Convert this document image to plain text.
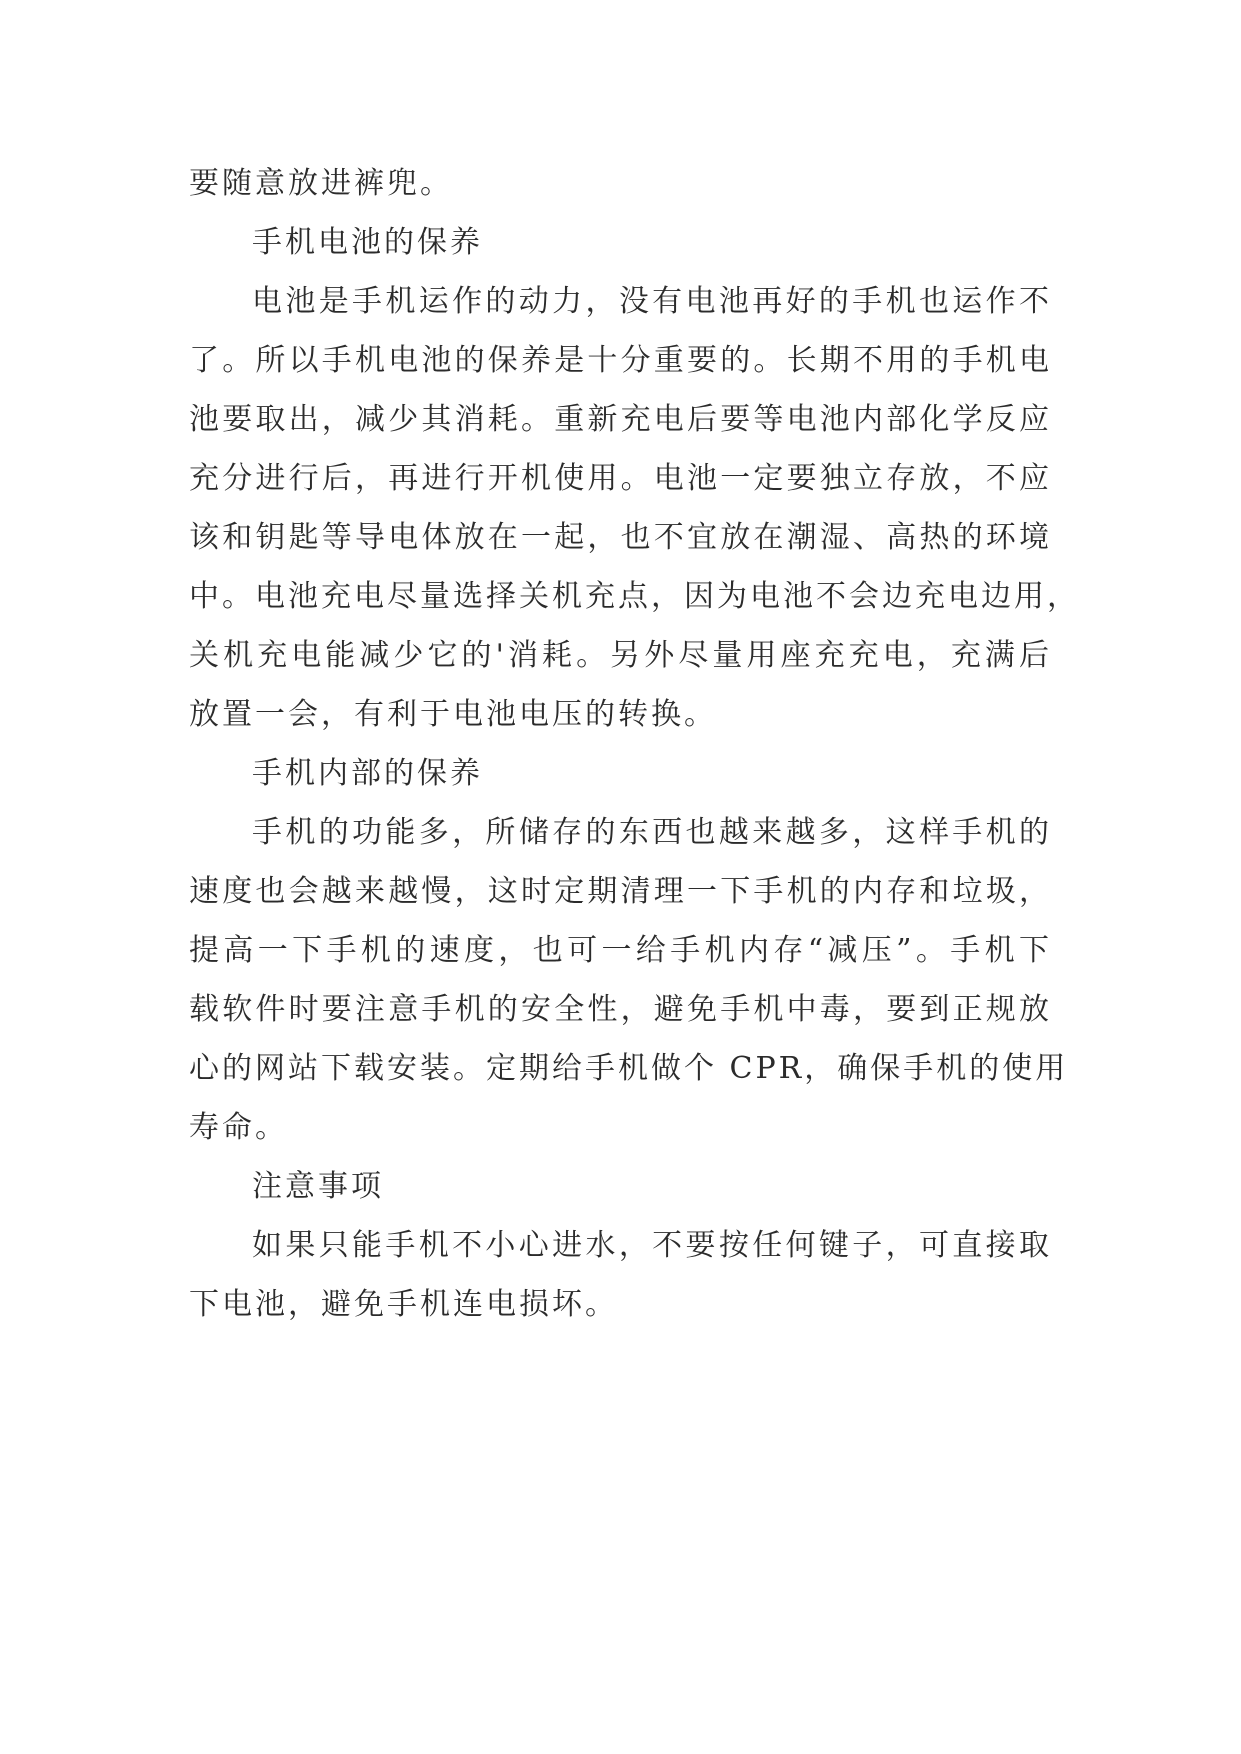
要随意放进裤兜。
手机电池的保养
电池是手机运作的动力，没有电池再好的手机也运作不
了。所以手机电池的保养是十分重要的。长期不用的手机电
池要取出，减少其消耗。重新充电后要等电池内部化学反应
充分进行后，再进行开机使用。电池一定要独立存放，不应
该和钥匙等导电体放在一起，也不宜放在潮湿、高热的环境
中。电池充电尽量选择关机充点，因为电池不会边充电边用，
关机充电能减少它的'消耗。另外尽量用座充充电，充满后
放置一会，有利于电池电压的转换。
手机内部的保养
手机的功能多，所储存的东西也越来越多，这样手机的
速度也会越来越慢，这时定期清理一下手机的内存和垃圾，
提高一下手机的速度，也可一给手机内存“减压”。手机下
载软件时要注意手机的安全性，避免手机中毒，要到正规放
心的网站下载安装。定期给手机做个 CPR，确保手机的使用
寿命。
注意事项
如果只能手机不小心进水，不要按任何键子，可直接取
下电池，避免手机连电损坏。
